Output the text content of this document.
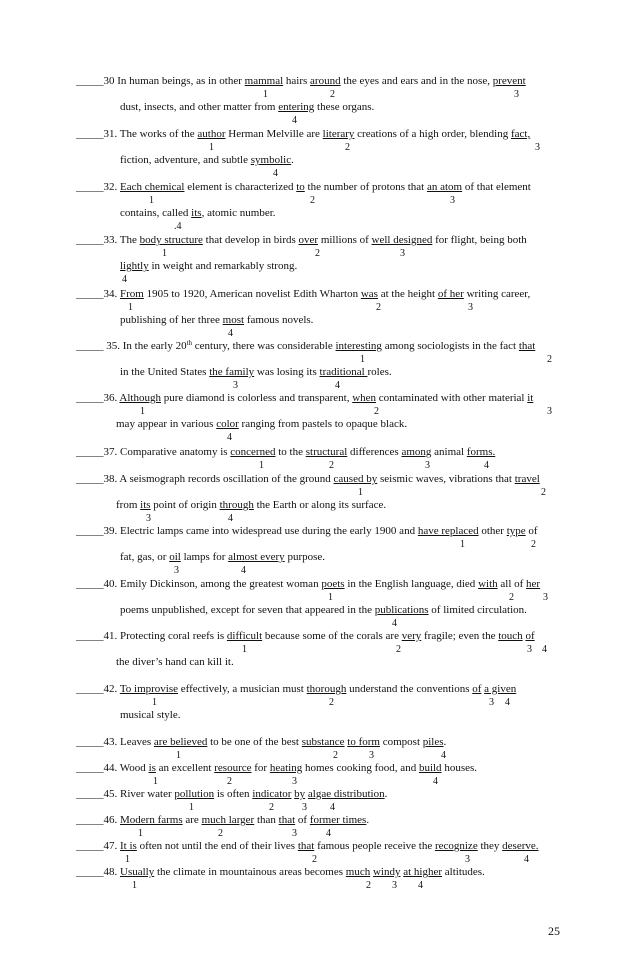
_____30 In human beings, as in other mammal hairs around the eyes and ears and in the nose, prevent
1	2	3
dust, insects, and other matter from entering these organs.
4
_____31. The works of the author Herman Melville are literary creations of a high order, blending fact,
1	2	3
fiction, adventure, and subtle symbolic.
4
_____32. Each chemical element is characterized to the number of protons that an atom of that element
1	2	3
contains, called its, atomic number.
.4
_____33. The body structure that develop in birds over millions of well designed for flight, being both
1	2	3
lightly in weight and remarkably strong.
4
_____34. From 1905 to 1920, American novelist Edith Wharton was at the height of her writing career,
1	2	3
publishing of her three most famous novels.
4
_____ 35. In the early 20th century, there was considerable interesting among sociologists in the fact that
1	2
in the United States the family was losing its traditional roles.
3	4
_____36. Although pure diamond is colorless and transparent, when contaminated with other material it
1	2	3
may appear in various color ranging from pastels to opaque black.
4
_____37. Comparative anatomy is concerned to the structural differences among animal forms.
1	2	3	4
_____38. A seismograph records oscillation of the ground caused by seismic waves, vibrations that travel
1	2
from its point of origin through the Earth or along its surface.
3	4
_____39. Electric lamps came into widespread use during the early 1900 and have replaced other type of
1	2
fat, gas, or oil lamps for almost every purpose.
3	4
_____40. Emily Dickinson, among the greatest woman poets in the English language, died with all of her
1	2	3
poems unpublished, except for seven that appeared in the publications of limited circulation.
4
_____41. Protecting coral reefs is difficult because some of the corals are very fragile; even the touch of
1	2	3 4
the diver’s hand can kill it.
_____42. To improvise effectively, a musician must thorough understand the conventions of a given
1	2	3 4
musical style.
_____43. Leaves are believed to be one of the best substance to form compost piles.
1	2	3	4
_____44. Wood is an excellent resource for heating homes cooking food, and build houses.
1	2	3	4
_____45. River water pollution is often indicator by algae distribution.
1	2	3 4
_____46. Modern farms are much larger than that of former times.
1	2	3	4
_____47. It is often not until the end of their lives that famous people receive the recognize they deserve.
1	2	3	4
_____48. Usually the climate in mountainous areas becomes much windy at higher altitudes.
1	2 3 4
25
